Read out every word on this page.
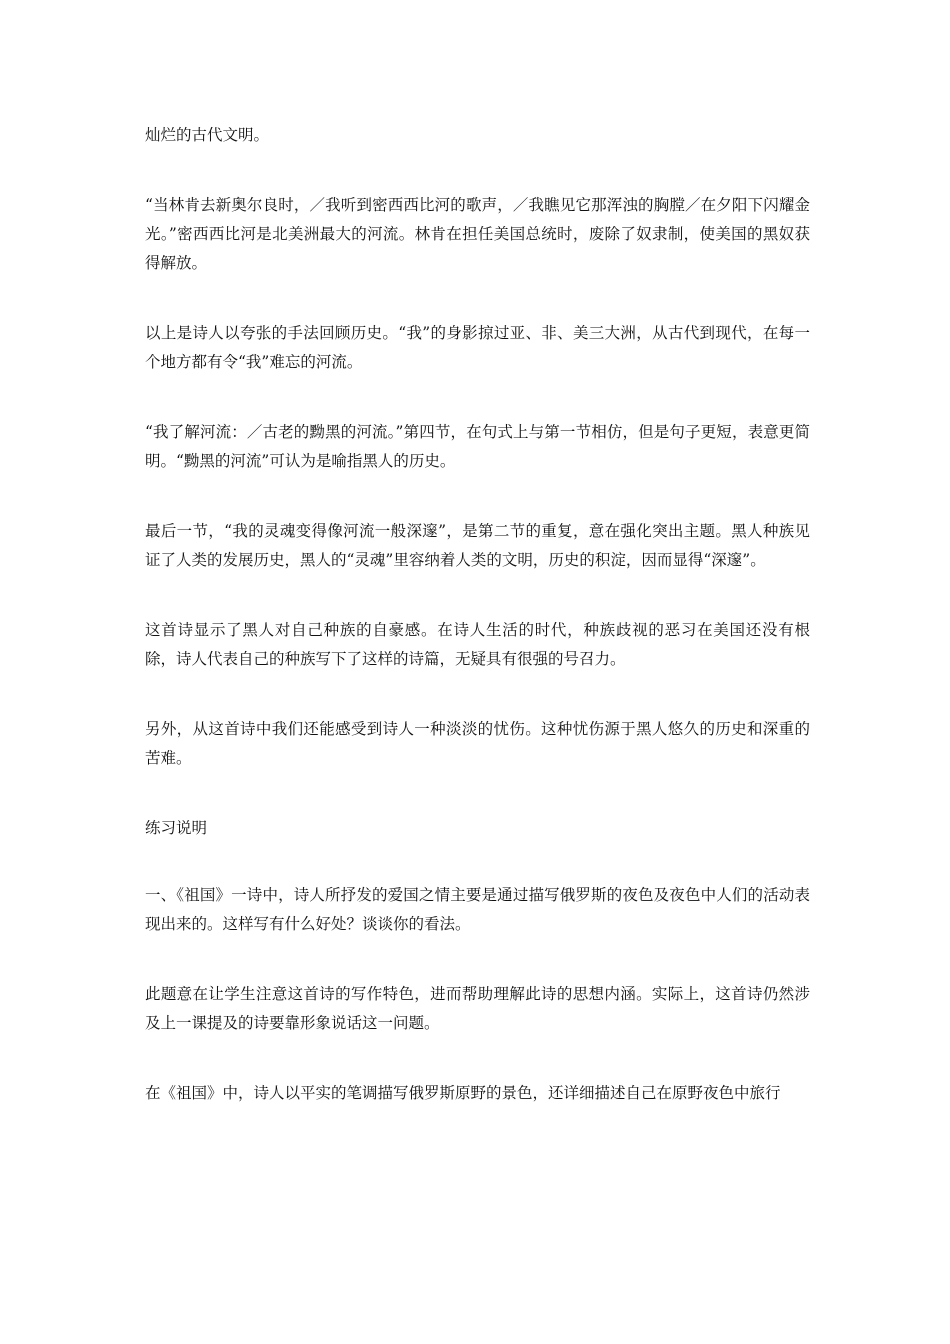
灿烂的古代文明。

“当林肯去新奥尔良时，／我听到密西西比河的歌声，／我瞧见它那浑浊的胸膛／在夕阳下闪耀金光。”密西西比河是北美洲最大的河流。林肯在担任美国总统时，废除了奴隶制，使美国的黑奴获得解放。

以上是诗人以夸张的手法回顾历史。“我”的身影掠过亚、非、美三大洲，从古代到现代，在每一个地方都有令“我”难忘的河流。

“我了解河流：／古老的黝黑的河流。”第四节，在句式上与第一节相仿，但是句子更短，表意更简明。“黝黑的河流”可认为是喻指黑人的历史。

最后一节，“我的灵魂变得像河流一般深邃”，是第二节的重复，意在强化突出主题。黑人种族见证了人类的发展历史，黑人的“灵魂”里容纳着人类的文明，历史的积淀，因而显得“深邃”。

这首诗显示了黑人对自己种族的自豪感。在诗人生活的时代，种族歧视的恶习在美国还没有根除，诗人代表自己的种族写下了这样的诗篇，无疑具有很强的号召力。

另外，从这首诗中我们还能感受到诗人一种淡淡的忧伤。这种忧伤源于黑人悠久的历史和深重的苦难。

练习说明

一、《祖国》一诗中，诗人所抒发的爱国之情主要是通过描写俄罗斯的夜色及夜色中人们的活动表现出来的。这样写有什么好处？谈谈你的看法。

此题意在让学生注意这首诗的写作特色，进而帮助理解此诗的思想内涵。实际上，这首诗仍然涉及上一课提及的诗要靠形象说话这一问题。

在《祖国》中，诗人以平实的笔调描写俄罗斯原野的景色，还详细描述自己在原野夜色中旅行
